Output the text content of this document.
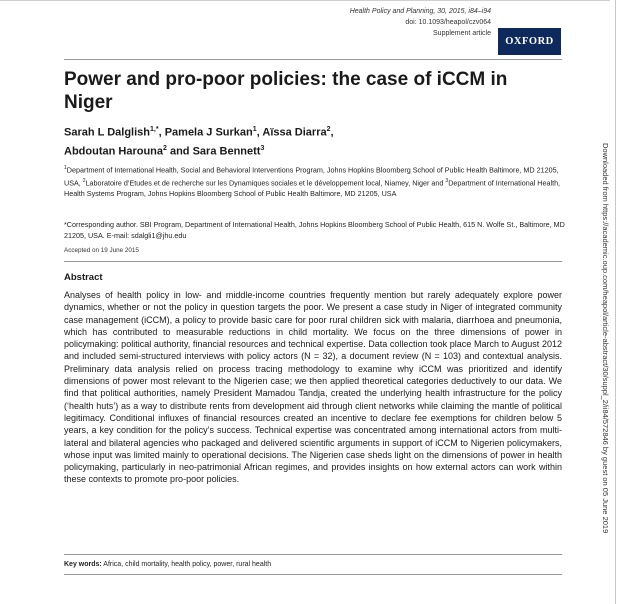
Health Policy and Planning, 30, 2015, i84–i94
doi: 10.1093/heapol/czv064
Supplement article
OXFORD
Power and pro-poor policies: the case of iCCM in Niger
Sarah L Dalglish$^{1,*}$, Pamela J Surkan$^1$, Aïssa Diarra$^2$,
Abdoutan Harouna$^2$ and Sara Bennett$^3$
$^1$Department of International Health, Social and Behavioral Interventions Program, Johns Hopkins Bloomberg School of Public Health Baltimore, MD 21205, USA, $^2$Laboratoire d’Etudes et de recherche sur les Dynamiques sociales et le développement local, Niamey, Niger and $^3$Department of International Health, Health Systems Program, Johns Hopkins Bloomberg School of Public Health Baltimore, MD 21205, USA
*Corresponding author. SBI Program, Department of International Health, Johns Hopkins Bloomberg School of Public Health, 615 N. Wolfe St., Baltimore, MD 21205, USA. E-mail: sdalgli1@jhu.edu
Accepted on 19 June 2015
Abstract
Analyses of health policy in low- and middle-income countries frequently mention but rarely adequately explore power dynamics, whether or not the policy in question targets the poor. We present a case study in Niger of integrated community case management (iCCM), a policy to provide basic care for poor rural children sick with malaria, diarrhoea and pneumonia, which has contributed to measurable reductions in child mortality. We focus on the three dimensions of power in policymaking: political authority, financial resources and technical expertise. Data collection took place March to August 2012 and included semi-structured interviews with policy actors (N = 32), a document review (N = 103) and contextual analysis. Preliminary data analysis relied on process tracing methodology to examine why iCCM was prioritized and identify dimensions of power most relevant to the Nigerien case; we then applied theoretical categories deductively to our data. We find that political authorities, namely President Mamadou Tandja, created the underlying health infrastructure for the policy (‘health huts’) as a way to distribute rents from development aid through client networks while claiming the mantle of political legitimacy. Conditional influxes of financial resources created an incentive to declare fee exemptions for children below 5 years, a key condition for the policy’s success. Technical expertise was concentrated among international actors from multi-lateral and bilateral agencies who packaged and delivered scientific arguments in support of iCCM to Nigerien policymakers, whose input was limited mainly to operational decisions. The Nigerien case sheds light on the dimensions of power in health policymaking, particularly in neo-patrimonial African regimes, and provides insights on how external actors can work within these contexts to promote pro-poor policies.
Key words: Africa, child mortality, health policy, power, rural health
Downloaded from https://academic.oup.com/heapol/article-abstract/30/suppl_2/ii84/572846 by guest on 05 June 2019
